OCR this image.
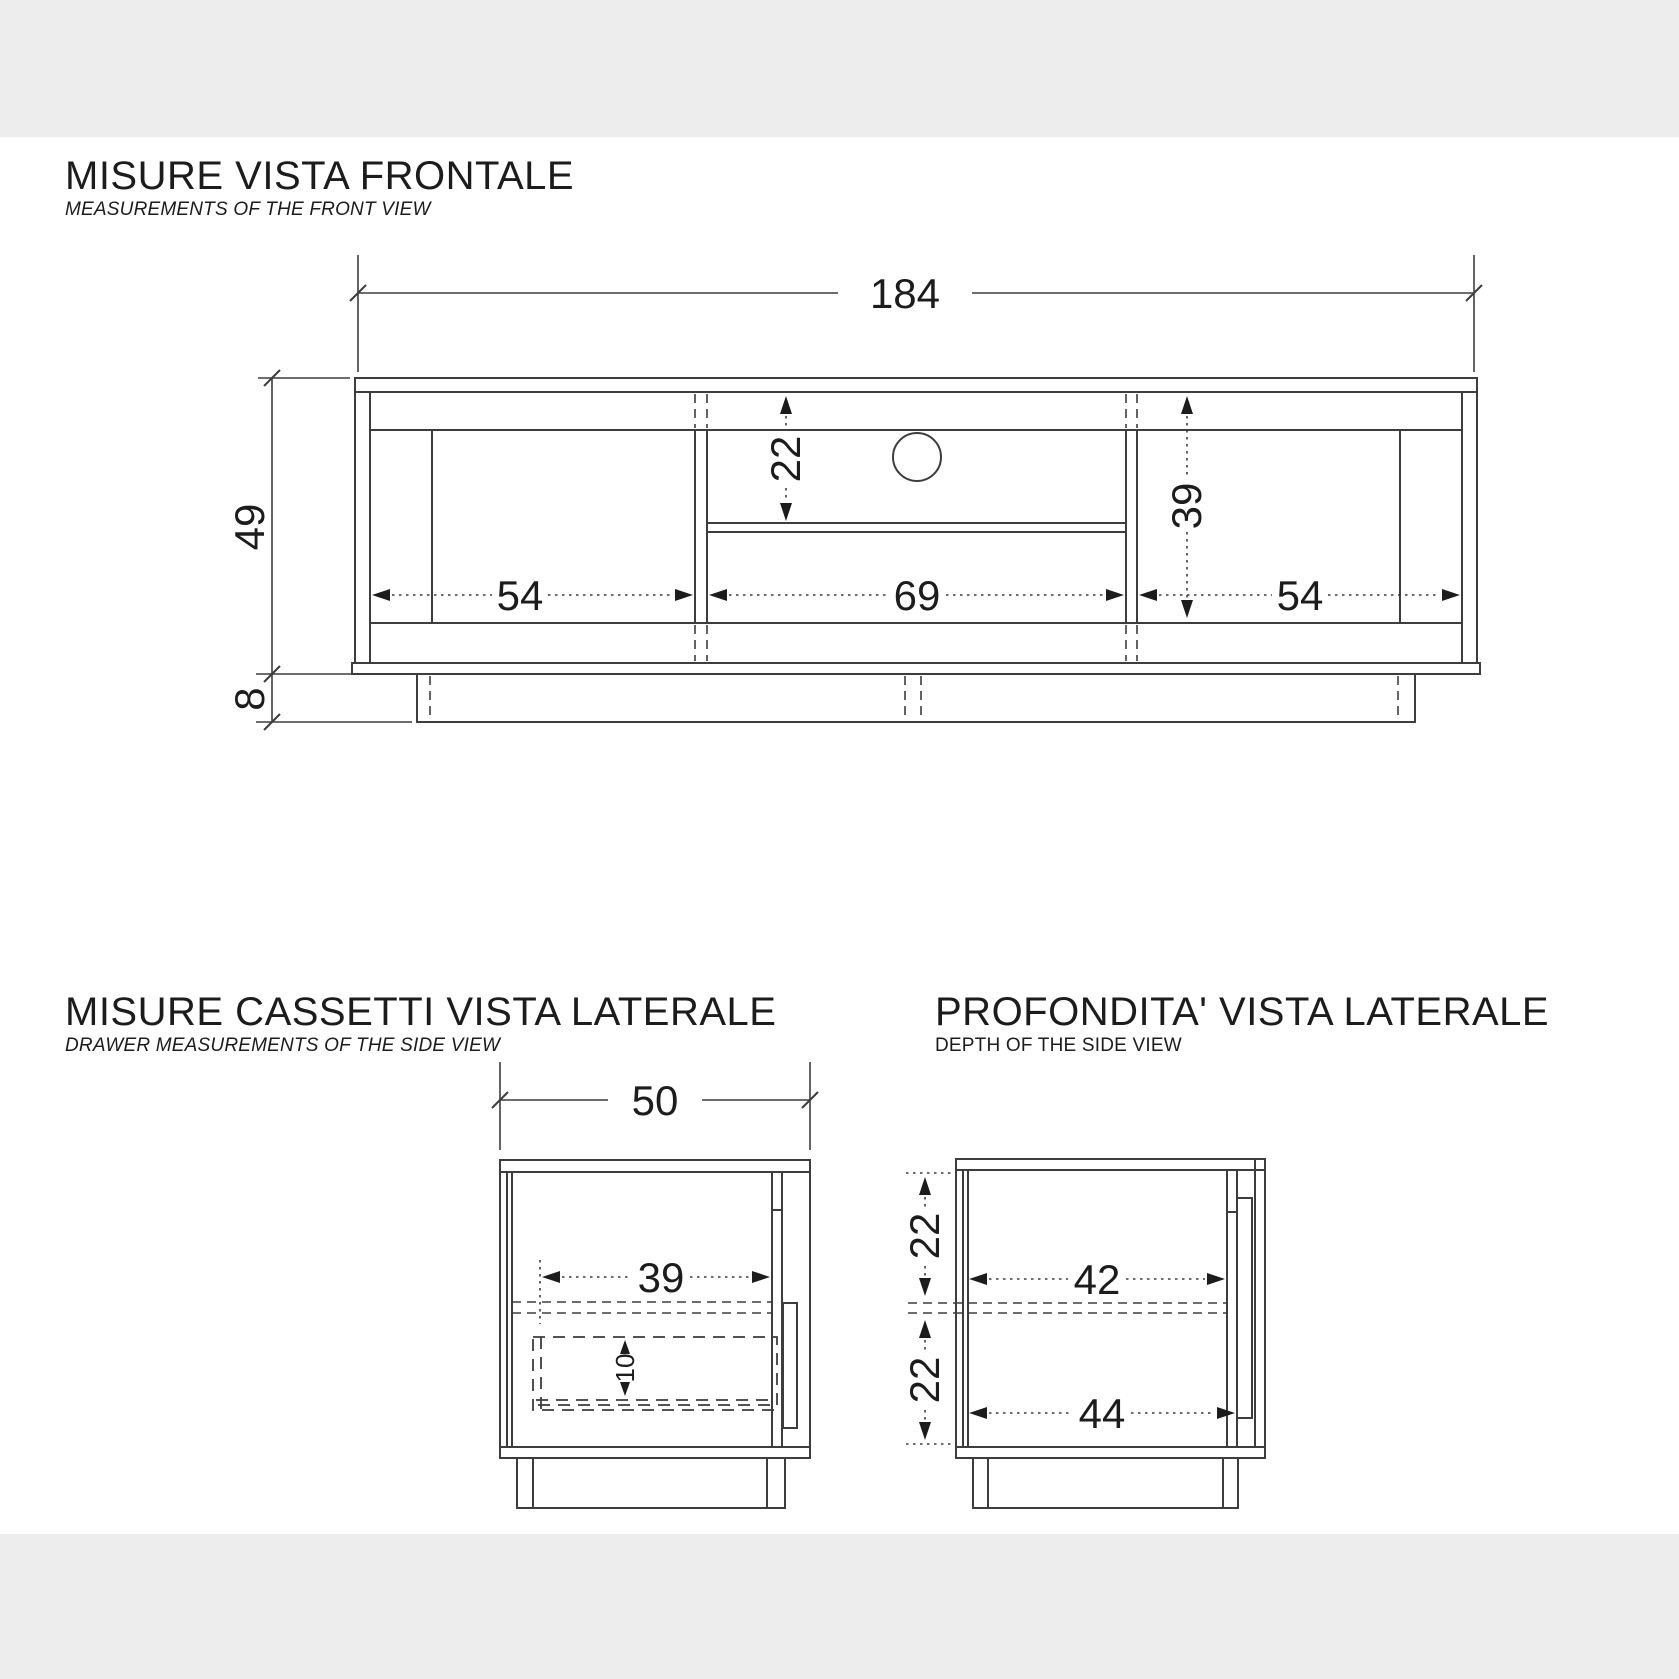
MISURE VISTA FRONTALE
MEASUREMENTS OF THE FRONT VIEW
MISURE CASSETTI VISTA LATERALE
DRAWER MEASUREMENTS OF THE SIDE VIEW
PROFONDITA' VISTA LATERALE
DEPTH OF THE SIDE VIEW
184
49
8
22
39
54	69	54
50
39
10
22
22
42
44
